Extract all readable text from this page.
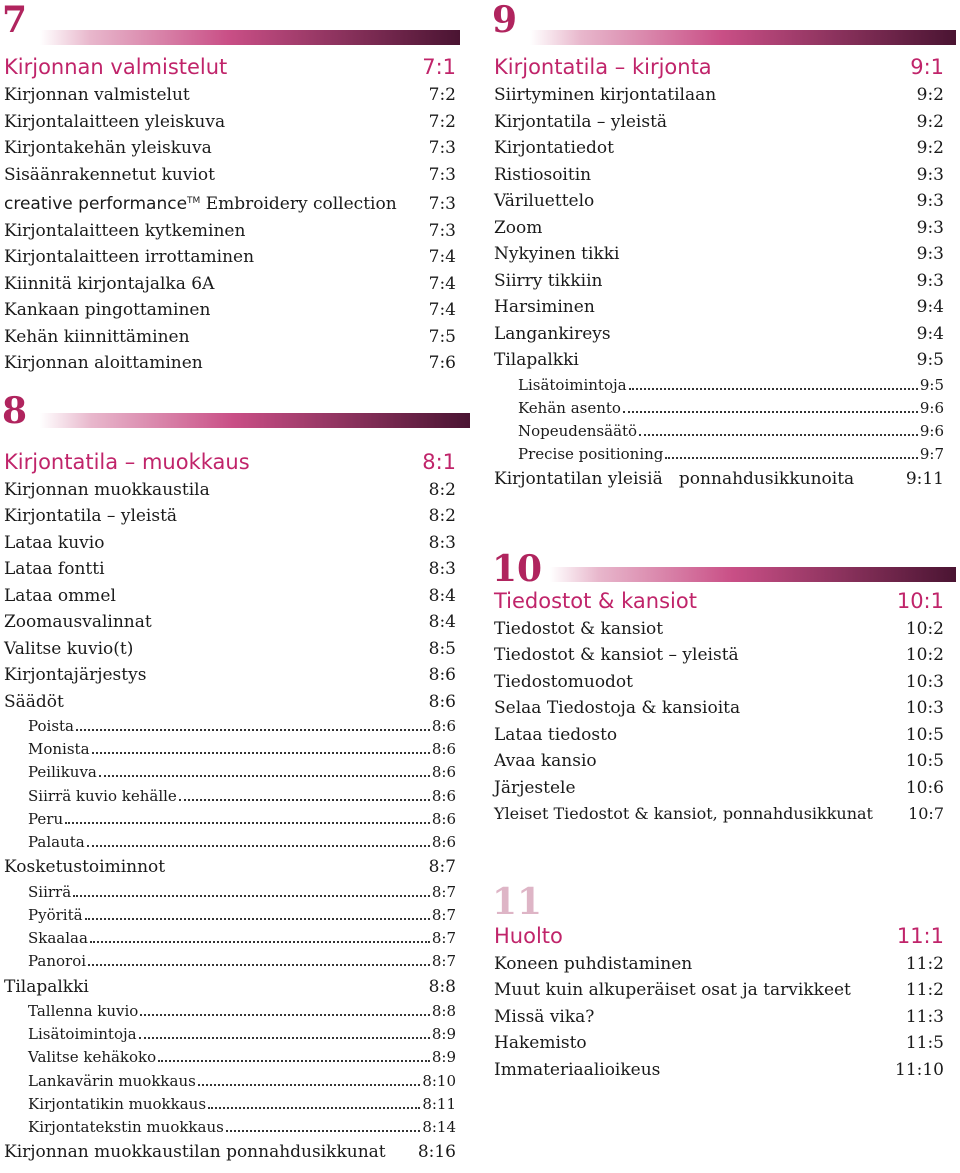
7
Kirjonnan valmistelut	7:1
Kirjonnan valmistelut	7:2
Kirjontalaitteen yleiskuva	7:2
Kirjontakehän yleiskuva	7:3
Sisäänrakennetut kuviot	7:3
creative performance™ Embroidery collection 7:3
Kirjontalaitteen kytkeminen	7:3
Kirjontalaitteen irrottaminen	7:4
Kiinnitä kirjontajalka 6A	7:4
Kankaan pingottaminen	7:4
Kehän kiinnittäminen	7:5
Kirjonnan aloittaminen	7:6
8
Kirjontatila – muokkaus	8:1
Kirjonnan muokkaustila	8:2
Kirjontatila – yleistä	8:2
Lataa kuvio	8:3
Lataa fontti	8:3
Lataa ommel	8:4
Zoomausvalinnat	8:4
Valitse kuvio(t)	8:5
Kirjontajärjestys	8:6
Säädöt	8:6
Poista	8:6
Monista	8:6
Peilikuva	8:6
Siirrä kuvio kehälle	8:6
Peru	8:6
Palauta	8:6
Kosketustoiminnot	8:7
Siirrä	8:7
Pyöritä	8:7
Skaalaa	8:7
Panoroi	8:7
Tilapalkki	8:8
Tallenna kuvio	8:8
Lisätoimintoja	8:9
Valitse kehäkoko	8:9
Lankavärin muokkaus	8:10
Kirjontatikin muokkaus	8:11
Kirjontatekstin muokkaus	8:14
Kirjonnan muokkaustilan ponnahdusikkunat 8:16
9
Kirjontatila – kirjonta	9:1
Siirtyminen kirjontatilaan	9:2
Kirjontatila – yleistä	9:2
Kirjontatiedot	9:2
Ristiosoitin	9:3
Väriluettelo	9:3
Zoom	9:3
Nykyinen tikki	9:3
Siirry tikkiin	9:3
Harsiminen	9:4
Langankireys	9:4
Tilapalkki	9:5
Lisätoimintoja	9:5
Kehän asento	9:6
Nopeudensäätö	9:6
Precise positioning	9:7
Kirjontatilan yleisiä   ponnahdusikkunoita	9:11
10
Tiedostot & kansiot	10:1
Tiedostot & kansiot	10:2
Tiedostot & kansiot – yleistä	10:2
Tiedostomuodot	10:3
Selaa Tiedostoja & kansioita	10:3
Lataa tiedosto	10:5
Avaa kansio	10:5
Järjestele	10:6
Yleiset Tiedostot & kansiot, ponnahdusikkunat 10:7
11
Huolto	11:1
Koneen puhdistaminen	11:2
Muut kuin alkuperäiset osat ja tarvikkeet	11:2
Missä vika?	11:3
Hakemisto	11:5
Immateriaalioikeus	11:10
